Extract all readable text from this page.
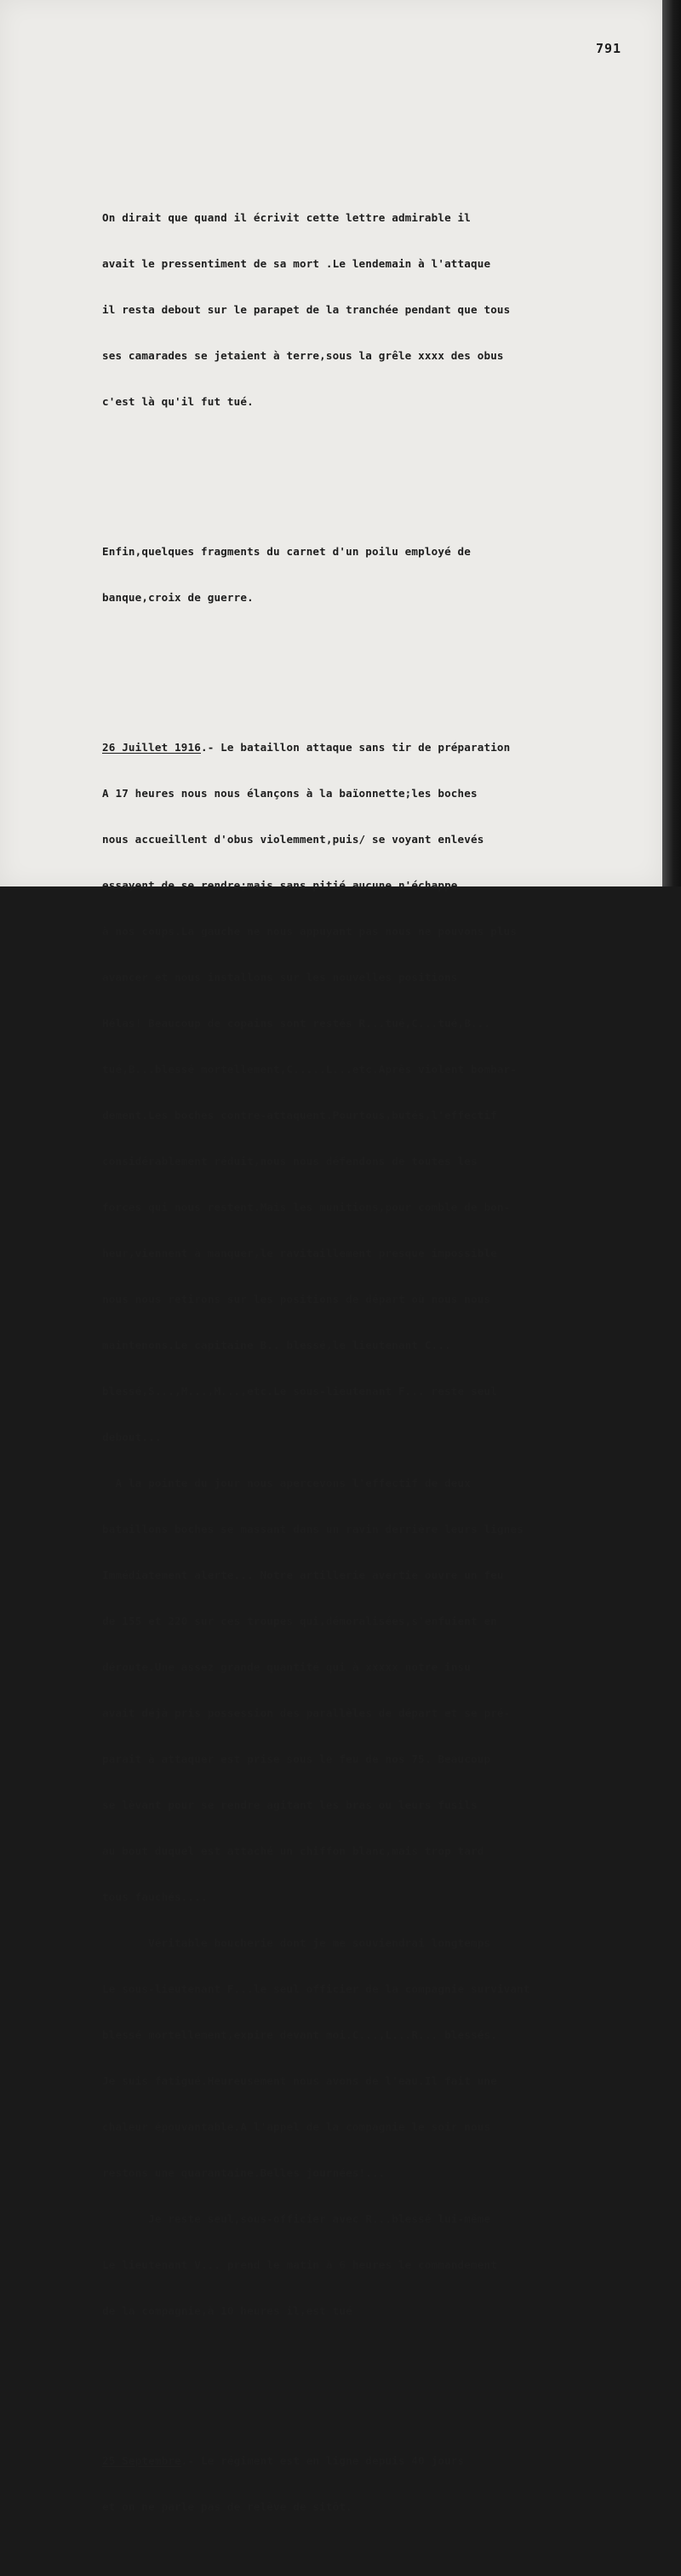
791

On dirait que quand il écrivit cette lettre admirable il

avait le pressentiment de sa mort .Le lendemain à l'attaque

il resta debout sur le parapet de la tranchée pendant que tous

ses camarades se jetaient à terre,sous la grêle xxxx des obus

c'est là qu'il fut tué.

Enfin,quelques fragments du carnet d'un poilu employé de

banque,croix de guerre.

26 Juillet 1916.- Le bataillon attaque sans tir de préparation

A 17 heures nous nous élançons à la baïonnette;les boches

nous accueillent d'obus violemment,puis/ se voyant enlevés

essayent de se rendre;mais sans pitié aucune n'échappe

à nos coups.La gauche ne nous appuyant pas nous ne pouvons plus

avancer et nous installons sur les nouvelles positions

Hélas! Beaucoup de copains sont restés R...tué,C...tué,B...

tué,B...blessé mortellement,C.....L...etc.Après violent bombar-

dement.Les boches contre-attaquent.Pourtous,butés,l'effectif

considérablement réduit,nous nous défendons de toutes les

forces qui nous restent.Mais les munitions,pour comble de bon-

heur,viennent à manquer,le ravitaillement presque impossible

nous nous retirons sur les positions de départ où nous nous

maintenons.Le capitaine B.. blessé,le lieutenant C...

blessé,S...,M...,M...,etc.Le sous-lieutenant F... reste seul

debout...

A la pointe du jour nous apercevons l'effectif de deux

bataillons boches se massant dans un ravin derrière leurs lignes

Immédiatement alerte... Notre artillerie avertie ouvre un feu

de 155 et 220 sur ces troupes qui,démoralisées,s'enfuient en

déroute.Une assez grande quantité qui à xxxxx notre insu

avait déjà pris possession des parallèles de départ et se pré-

parait à attaquer est prise sous le feu de nos 75. Beaucoup

se lèvant pour se rendre agitant les bras ou leurs fusils

au bout duquel est attaché un chiffon blanc,mais trop tard

tous fauchés....

Véritable boucherie dont je me souviendrai longtemps

Le sous-lieutenant F...le seul officier de la compagnie survivant

blessé mortellement,expire devant moi.C...,L...R... blessés.

Je suis fatigué.Heureusement nous avons de l'eau.Il fait une

chaleur épouvantable.A l'appel de la compagnie le soir nous

restons une quarantaine.Belles journées!...

Je reste seul,sous-officier avec R...blessé lui-même

Le lieutenant V... prend le matin à 6 heures le commandement

de la compagnie,à 10 heures il,est tué

25 Septembre.- Le régiment est en ligne depuis 40 jours

et on ne parle pas de relève de sitôt.
